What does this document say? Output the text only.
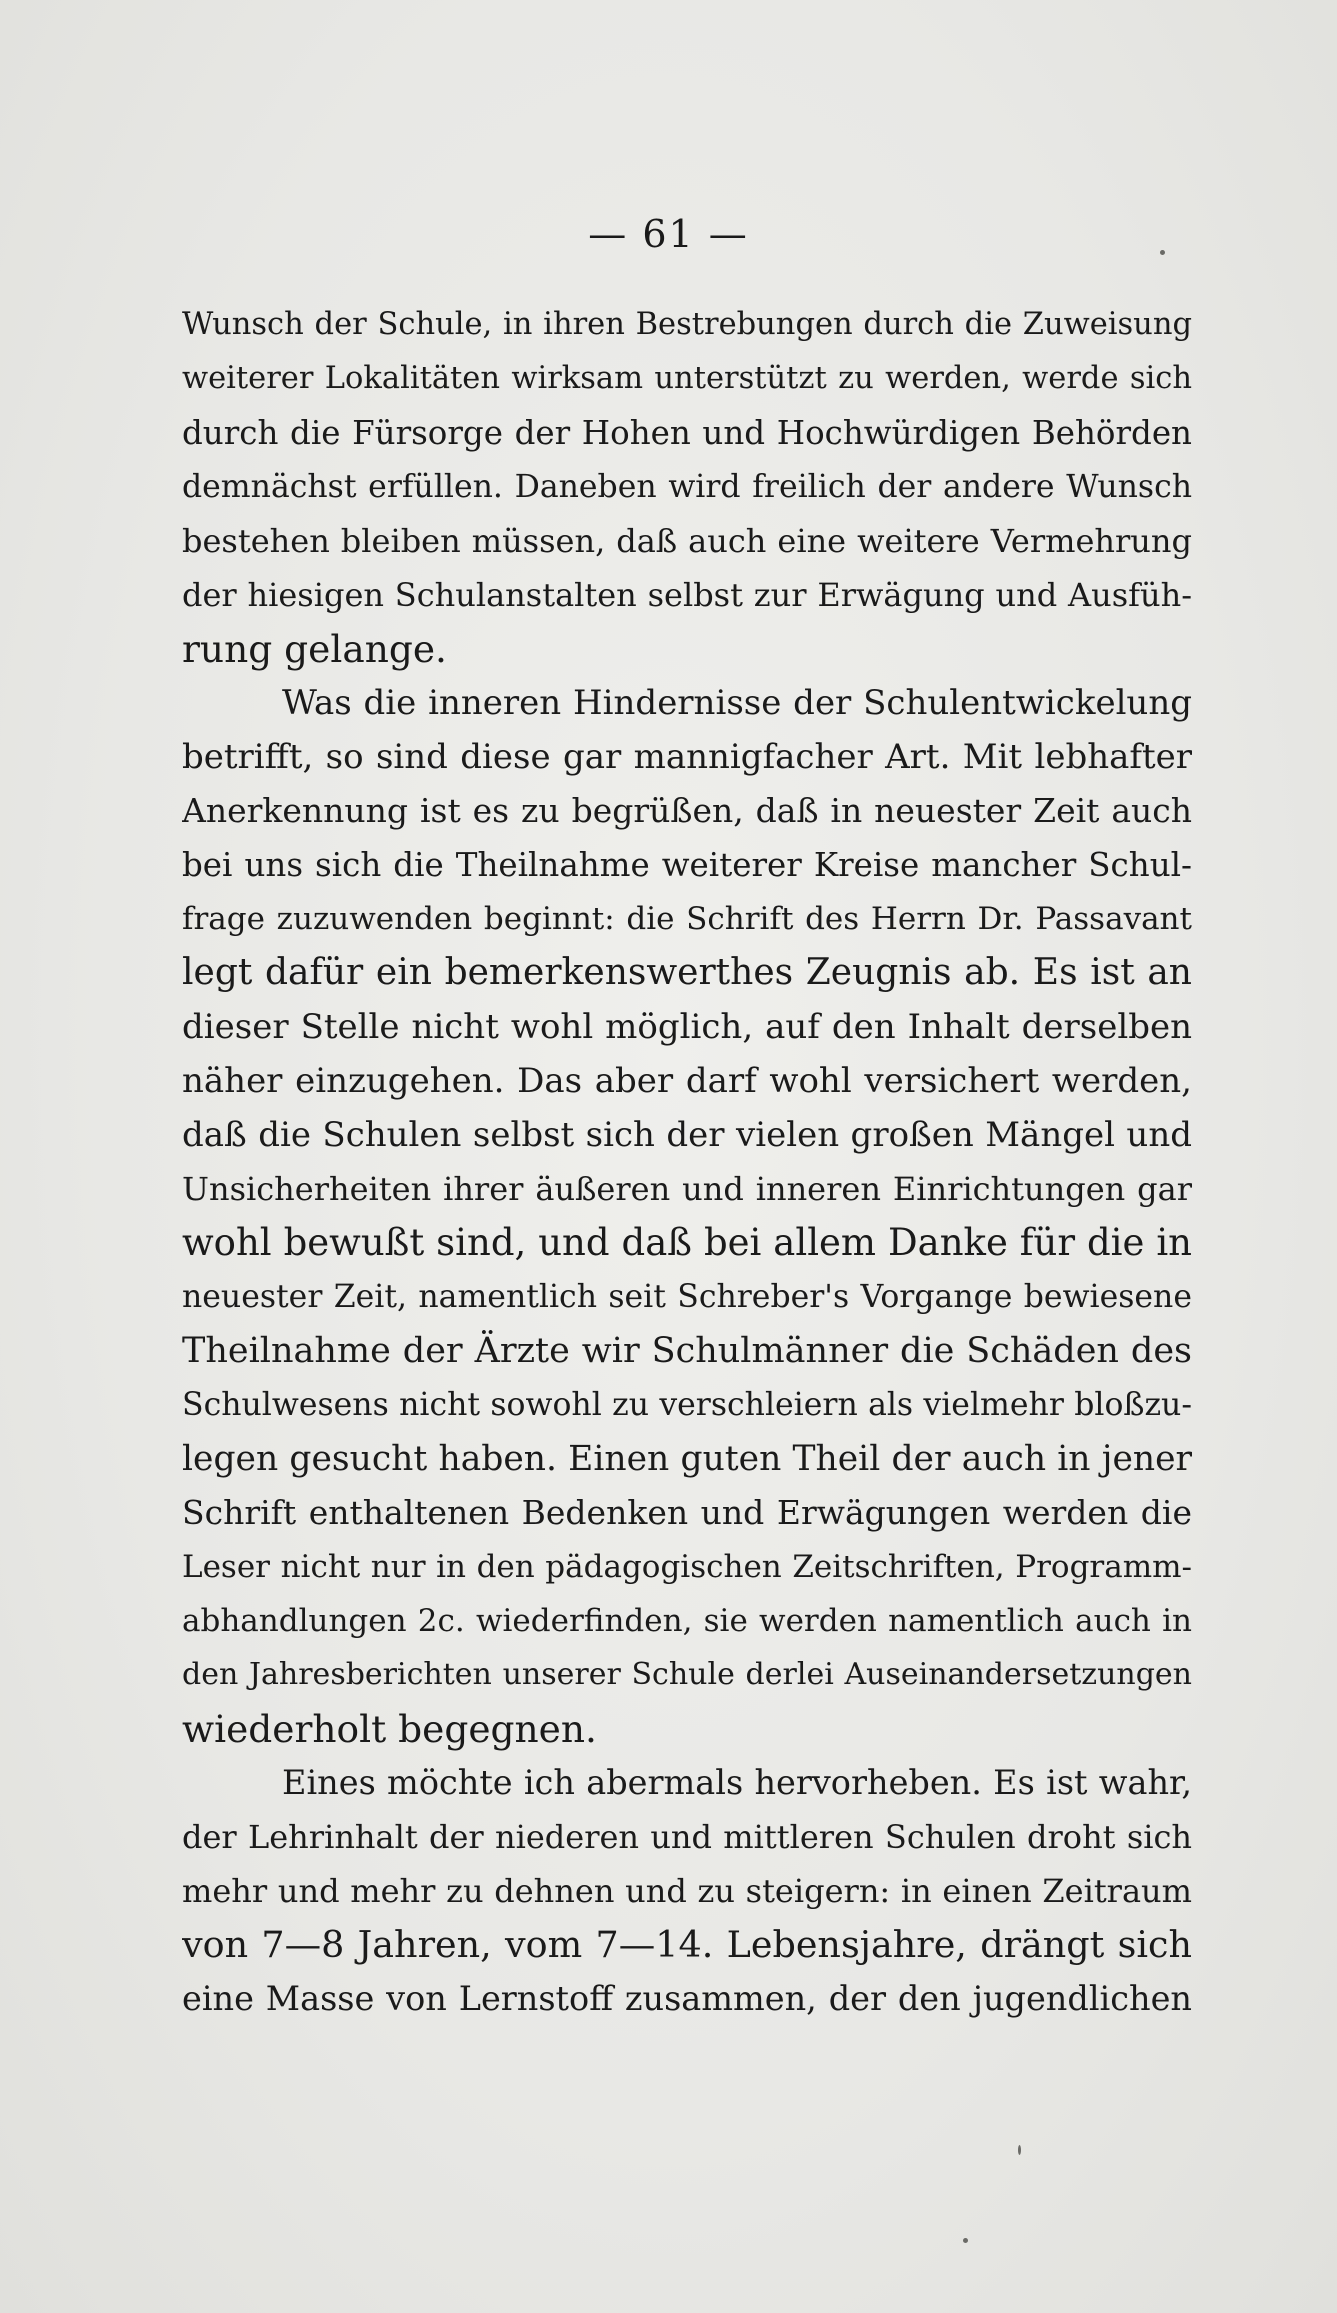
— 61 —
Wunsch der Schule, in ihren Bestrebungen durch die Zuweisung
weiterer Lokalitäten wirksam unterstützt zu werden, werde sich
durch die Fürsorge der Hohen und Hochwürdigen Behörden
demnächst erfüllen. Daneben wird freilich der andere Wunsch
bestehen bleiben müssen, daß auch eine weitere Vermehrung
der hiesigen Schulanstalten selbst zur Erwägung und Ausfüh-
rung gelange.
Was die inneren Hindernisse der Schulentwickelung
betrifft, so sind diese gar mannigfacher Art. Mit lebhafter
Anerkennung ist es zu begrüßen, daß in neuester Zeit auch
bei uns sich die Theilnahme weiterer Kreise mancher Schul-
frage zuzuwenden beginnt: die Schrift des Herrn Dr. Passavant
legt dafür ein bemerkenswerthes Zeugnis ab. Es ist an
dieser Stelle nicht wohl möglich, auf den Inhalt derselben
näher einzugehen. Das aber darf wohl versichert werden,
daß die Schulen selbst sich der vielen großen Mängel und
Unsicherheiten ihrer äußeren und inneren Einrichtungen gar
wohl bewußt sind, und daß bei allem Danke für die in
neuester Zeit, namentlich seit Schreber's Vorgange bewiesene
Theilnahme der Ärzte wir Schulmänner die Schäden des
Schulwesens nicht sowohl zu verschleiern als vielmehr bloßzu-
legen gesucht haben. Einen guten Theil der auch in jener
Schrift enthaltenen Bedenken und Erwägungen werden die
Leser nicht nur in den pädagogischen Zeitschriften, Programm-
abhandlungen 2c. wiederfinden, sie werden namentlich auch in
den Jahresberichten unserer Schule derlei Auseinandersetzungen
wiederholt begegnen.
Eines möchte ich abermals hervorheben. Es ist wahr,
der Lehrinhalt der niederen und mittleren Schulen droht sich
mehr und mehr zu dehnen und zu steigern: in einen Zeitraum
von 7—8 Jahren, vom 7—14. Lebensjahre, drängt sich
eine Masse von Lernstoff zusammen, der den jugendlichen
